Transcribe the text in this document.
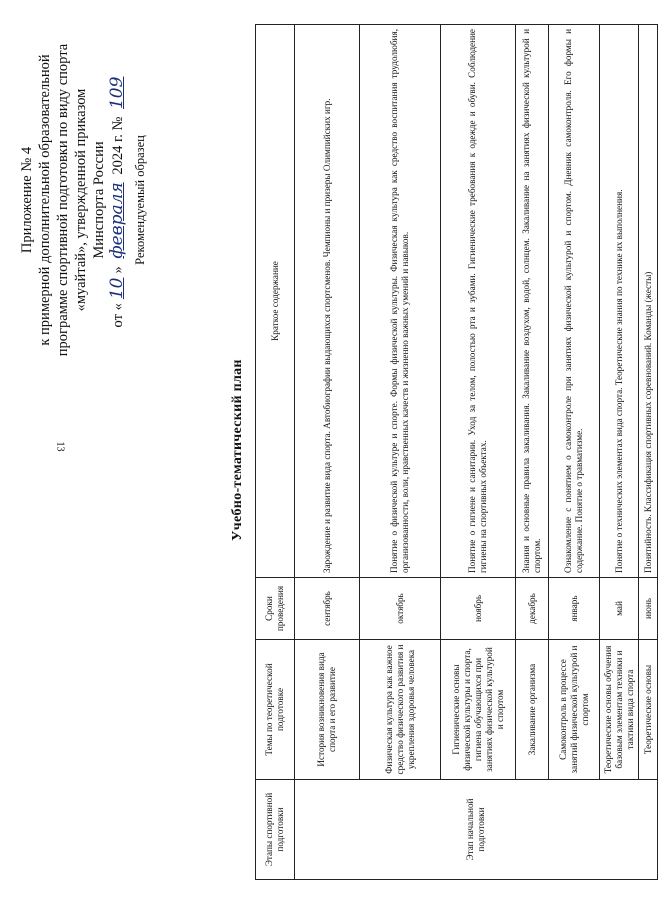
13
Приложение № 4 к примерной дополнительной образовательной программе спортивной подготовки по виду спорта «муайтай», утвержденной приказом Минспорта России
от «10» февраля 2024 г. № 109
Рекомендуемый образец
Учебно-тематический план
Этапы спортивной подготовки	Темы по теоретической подготовке	Сроки проведения	Краткое содержание
Этап начальной подготовки	История возникновения вида спорта и его развитие	сентябрь	Зарождение и развитие вида спорта. Автобиографии выдающихся спортсменов. Чемпионы и призеры Олимпийских игр.
	Физическая культура как важное средство физического развития и укрепления здоровья человека	октябрь	Понятие о физической культуре и спорте. Формы физической культуры. Физическая культура как средство воспитания трудолюбия, организованности, воли, нравственных качеств и жизненно важных умений и навыков.
	Гигиенические основы физической культуры и спорта, гигиена обучающихся при занятиях физической культурой и спортом	ноябрь	Понятие о гигиене и санитарии. Уход за телом, полостью рта и зубами. Гигиенические требования к одежде и обуви. Соблюдение гигиены на спортивных объектах.
	Закаливание организма	декабрь	Знания и основные правила закаливания. Закаливание воздухом, водой, солнцем. Закаливание на занятиях физической культурой и спортом.
	Самоконтроль в процессе занятий физической культурой и спортом	январь	Ознакомление с понятием о самоконтроле при занятиях физической культурой и спортом. Дневник самоконтроля. Его формы и содержание. Понятие о травматизме.
	Теоретические основы обучения базовым элементам техники и тактики вида спорта	май	Понятие о технических элементах вида спорта. Теоретические знания по технике их выполнения.
	Теоретические основы	июнь	Понятийность. Классификация спортивных соревнований. Команды (жесты)
